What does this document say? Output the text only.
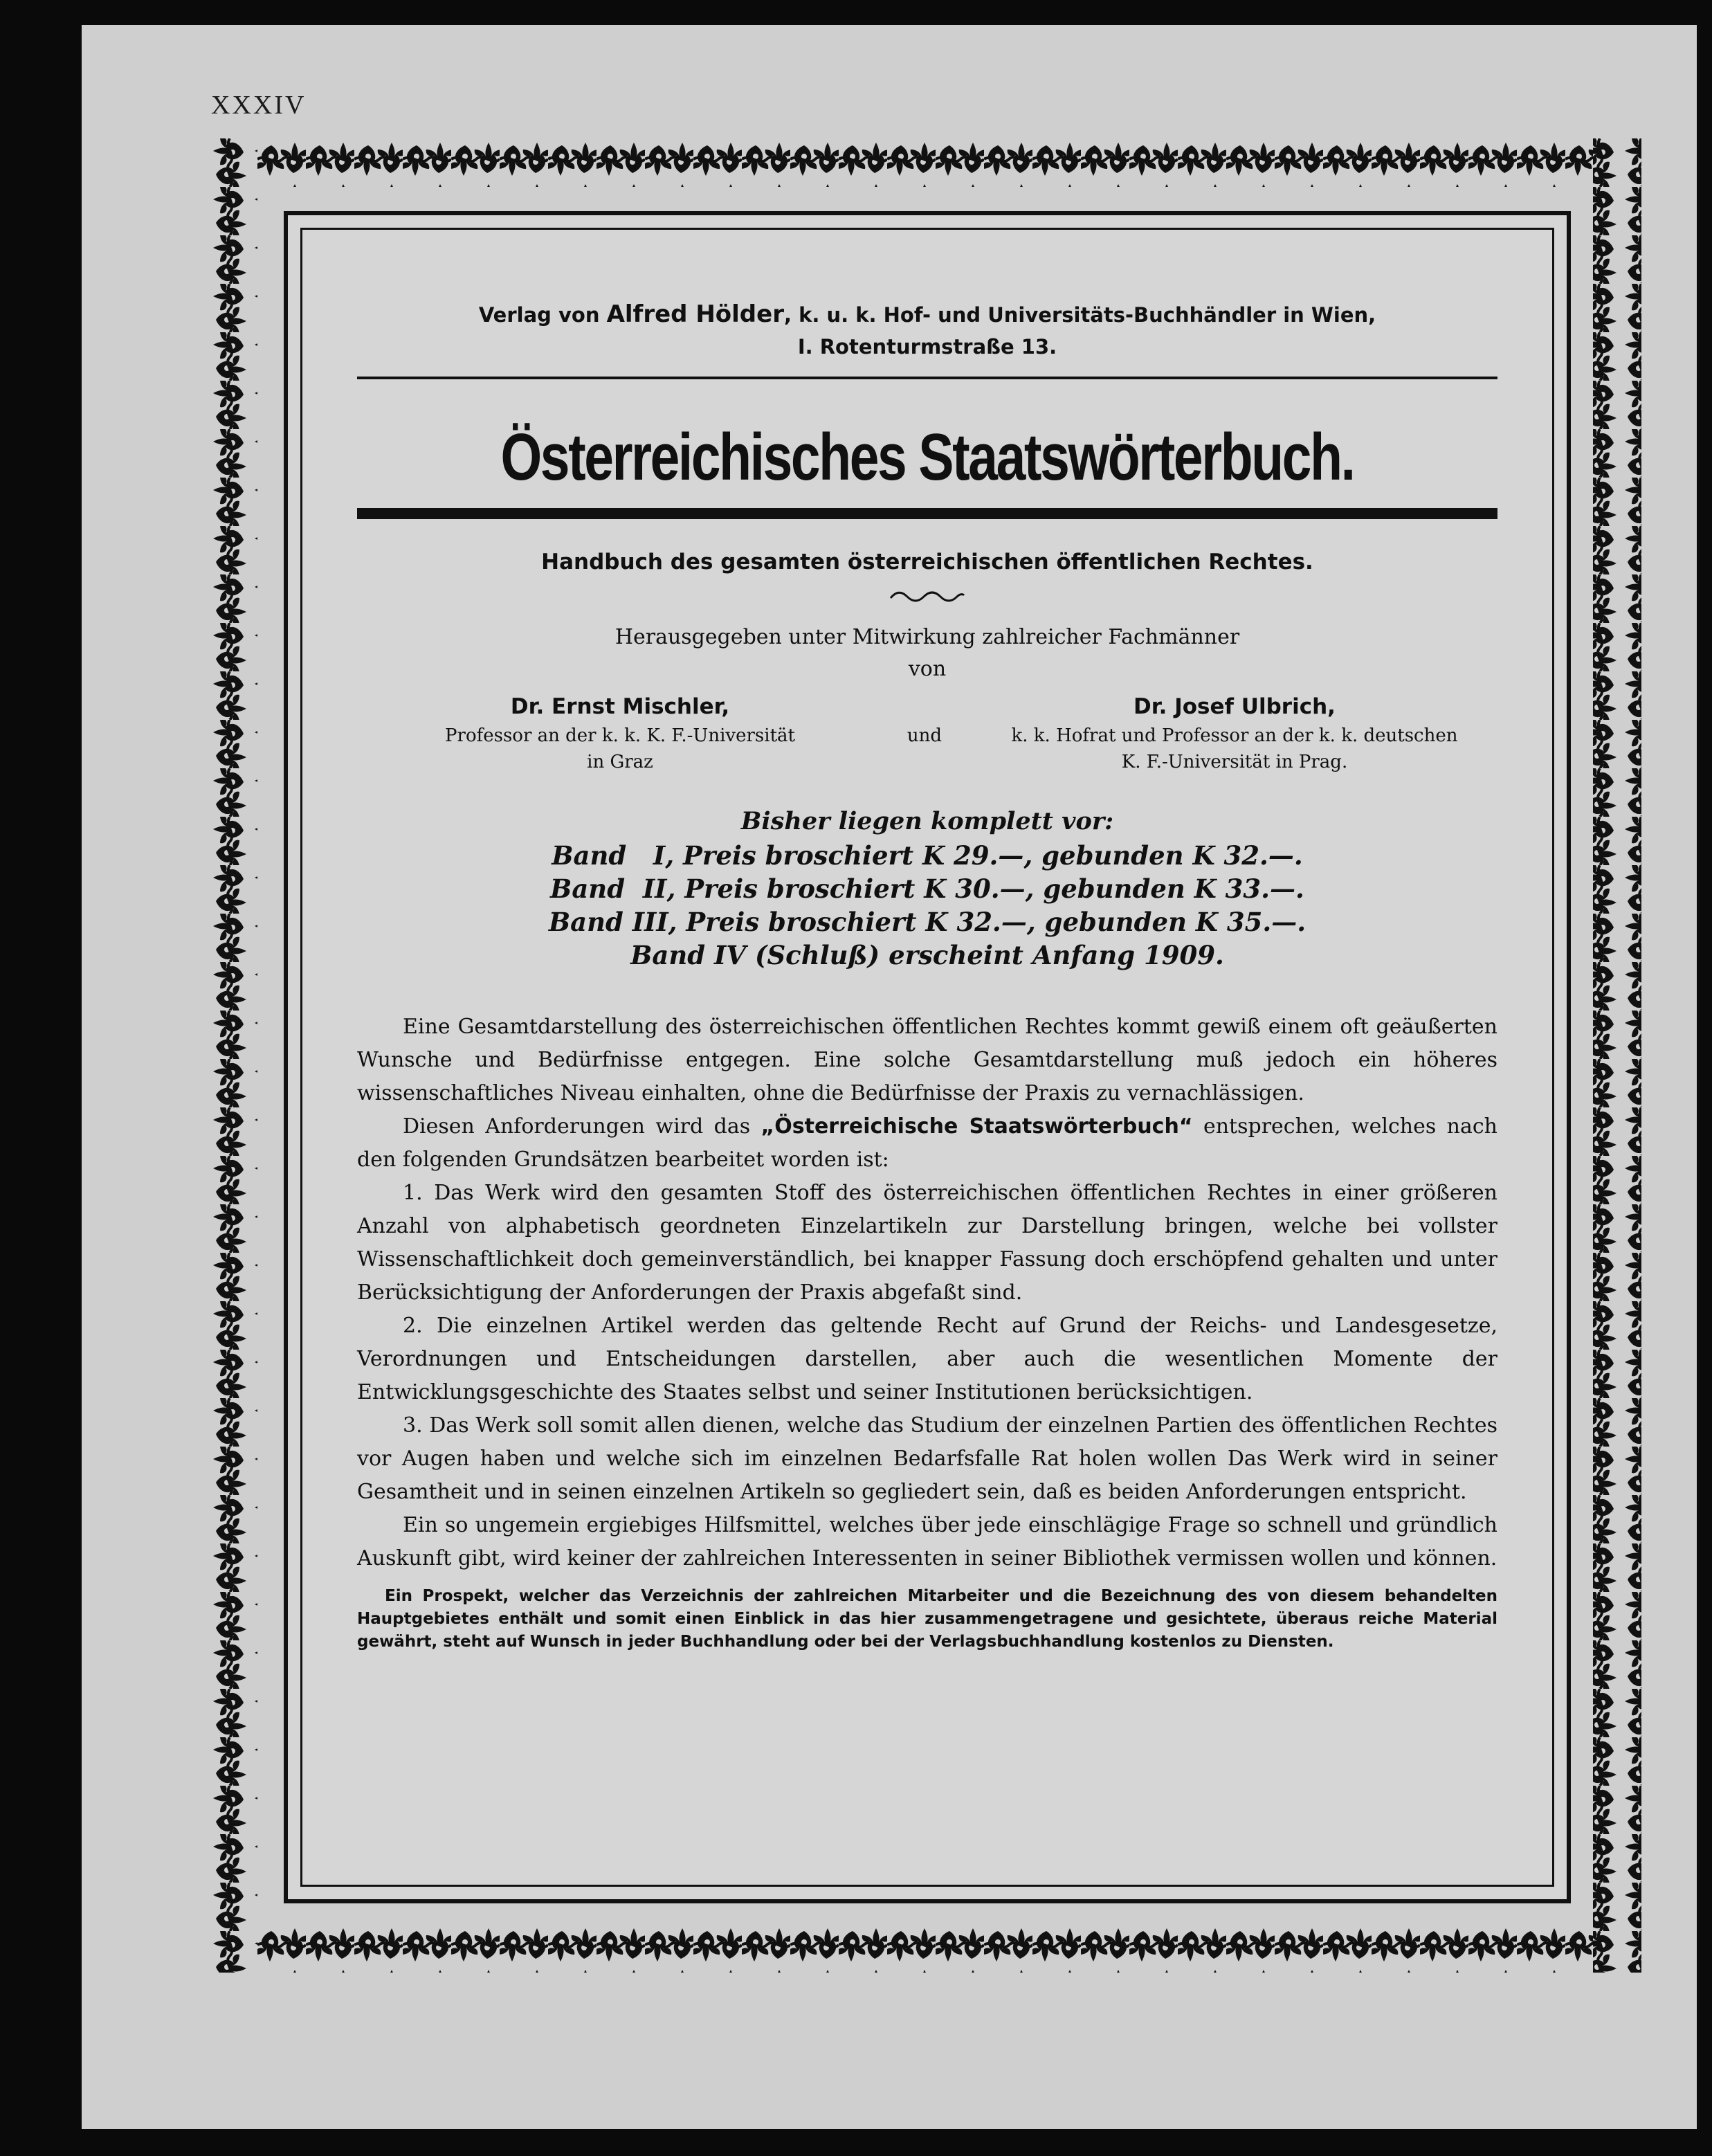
XXXIV
Verlag von Alfred Hölder, k. u. k. Hof- und Universitäts-Buchhändler in Wien,
I. Rotenturmstraße 13.
Österreichisches Staatswörterbuch.
Handbuch des gesamten österreichischen öffentlichen Rechtes.
Herausgegeben unter Mitwirkung zahlreicher Fachmänner
von
Dr. Ernst Mischler,
Professor an der k. k. K. F.-Universität
in Graz
und
Dr. Josef Ulbrich,
k. k. Hofrat und Professor an der k. k. deutschen
K. F.-Universität in Prag.
Bisher liegen komplett vor:
Band   I, Preis broschiert K 29.—, gebunden K 32.—.
Band  II, Preis broschiert K 30.—, gebunden K 33.—.
Band III, Preis broschiert K 32.—, gebunden K 35.—.
Band IV (Schluß) erscheint Anfang 1909.

Eine Gesamtdarstellung des österreichischen öffentlichen Rechtes kommt gewiß einem oft geäußerten Wunsche und Bedürfnisse entgegen. Eine solche Gesamtdarstellung muß jedoch ein höheres wissenschaftliches Niveau einhalten, ohne die Bedürfnisse der Praxis zu vernachlässigen.

Diesen Anforderungen wird das „Österreichische Staatswörterbuch“ entsprechen, welches nach den folgenden Grundsätzen bearbeitet worden ist:

1. Das Werk wird den gesamten Stoff des österreichischen öffentlichen Rechtes in einer größeren Anzahl von alphabetisch geordneten Einzelartikeln zur Darstellung bringen, welche bei vollster Wissenschaftlichkeit doch gemeinverständlich, bei knapper Fassung doch erschöpfend gehalten und unter Berücksichtigung der Anforderungen der Praxis abgefaßt sind.

2. Die einzelnen Artikel werden das geltende Recht auf Grund der Reichs- und Landesgesetze, Verordnungen und Entscheidungen darstellen, aber auch die wesentlichen Momente der Entwicklungsgeschichte des Staates selbst und seiner Institutionen berücksichtigen.

3. Das Werk soll somit allen dienen, welche das Studium der einzelnen Partien des öffentlichen Rechtes vor Augen haben und welche sich im einzelnen Bedarfsfalle Rat holen wollen Das Werk wird in seiner Gesamtheit und in seinen einzelnen Artikeln so gegliedert sein, daß es beiden Anforderungen entspricht.

Ein so ungemein ergiebiges Hilfsmittel, welches über jede einschlägige Frage so schnell und gründlich Auskunft gibt, wird keiner der zahlreichen Interessenten in seiner Bibliothek vermissen wollen und können.

Ein Prospekt, welcher das Verzeichnis der zahlreichen Mitarbeiter und die Bezeichnung des von diesem behandelten Hauptgebietes enthält und somit einen Einblick in das hier zusammengetragene und gesichtete, überaus reiche Material gewährt, steht auf Wunsch in jeder Buchhandlung oder bei der Verlagsbuchhandlung kostenlos zu Diensten.
